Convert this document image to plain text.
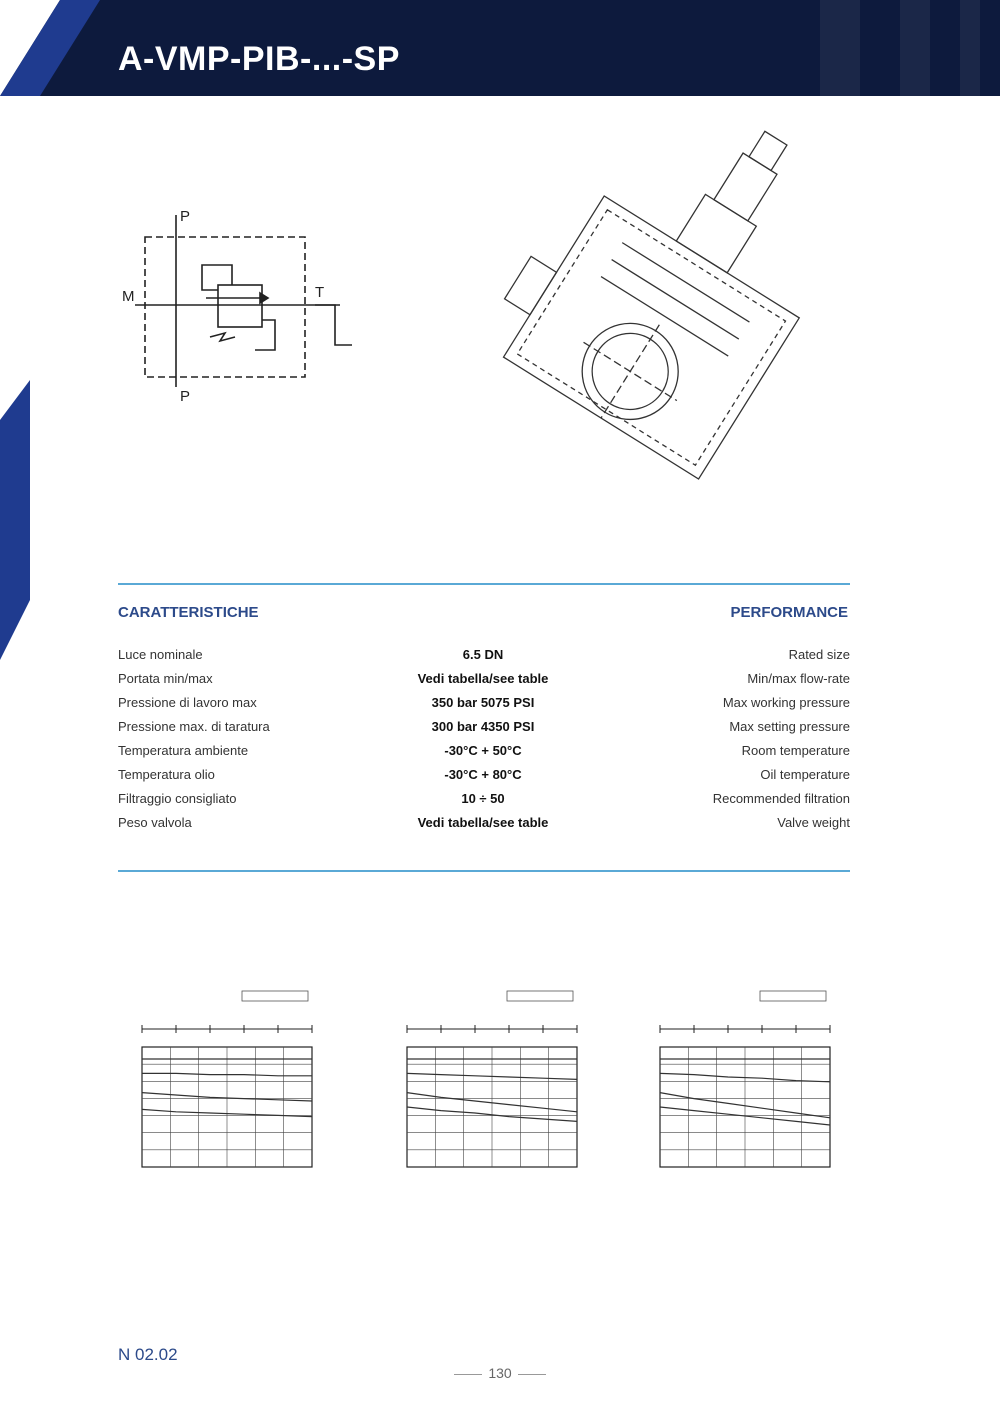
A-VMP-PIB-...-SP
P
P
M	T
CARATTERISTICHE	PERFORMANCE
Luce nominale	6.5 DN	Rated size
Portata min/max	Vedi tabella/see table	Min/max flow-rate
Pressione di lavoro max	350 bar 5075 PSI	Max working pressure
Pressione max. di taratura	300 bar 4350 PSI	Max setting pressure
Temperatura ambiente	-30°C + 50°C	Room temperature
Temperatura olio	-30°C + 80°C	Oil temperature
Filtraggio consigliato	10 ÷ 50	Recommended filtration
Peso valvola	Vedi tabella/see table	Valve weight
N 02.02
130
